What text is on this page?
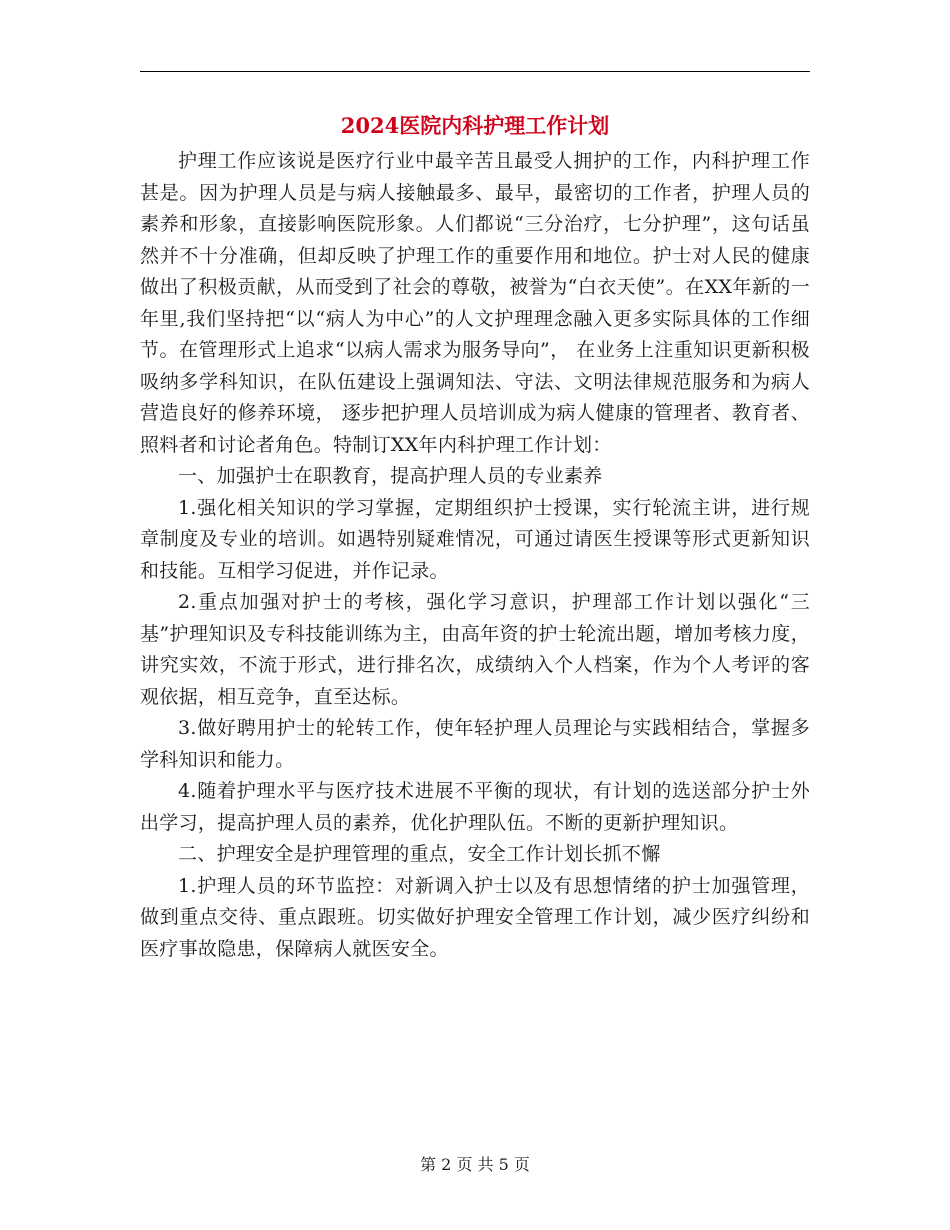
2024医院内科护理工作计划

护理工作应该说是医疗行业中最辛苦且最受人拥护的工作，内科护理工作甚是。因为护理人员是与病人接触最多、最早，最密切的工作者，护理人员的素养和形象，直接影响医院形象。人们都说“三分治疗，七分护理”，这句话虽然并不十分准确，但却反映了护理工作的重要作用和地位。护士对人民的健康做出了积极贡献，从而受到了社会的尊敬，被誉为“白衣天使”。在XX年新的一年里,我们坚持把“以“病人为中心”的人文护理理念融入更多实际具体的工作细节。在管理形式上追求“以病人需求为服务导向”， 在业务上注重知识更新积极吸纳多学科知识，在队伍建设上强调知法、守法、文明法律规范服务和为病人营造良好的修养环境， 逐步把护理人员培训成为病人健康的管理者、教育者、 照料者和讨论者角色。特制订XX年内科护理工作计划：

一、加强护士在职教育，提高护理人员的专业素养

1.强化相关知识的学习掌握，定期组织护士授课，实行轮流主讲，进行规章制度及专业的培训。如遇特别疑难情况，可通过请医生授课等形式更新知识和技能。互相学习促进，并作记录。

2.重点加强对护士的考核，强化学习意识，护理部工作计划以强化“三基”护理知识及专科技能训练为主，由高年资的护士轮流出题，增加考核力度，讲究实效，不流于形式，进行排名次，成绩纳入个人档案，作为个人考评的客观依据，相互竞争，直至达标。

3.做好聘用护士的轮转工作，使年轻护理人员理论与实践相结合，掌握多学科知识和能力。

4.随着护理水平与医疗技术进展不平衡的现状，有计划的选送部分护士外出学习，提高护理人员的素养，优化护理队伍。不断的更新护理知识。

二、护理安全是护理管理的重点，安全工作计划长抓不懈

1.护理人员的环节监控：对新调入护士以及有思想情绪的护士加强管理，做到重点交待、重点跟班。切实做好护理安全管理工作计划，减少医疗纠纷和医疗事故隐患，保障病人就医安全。

第 2 页 共 5 页
